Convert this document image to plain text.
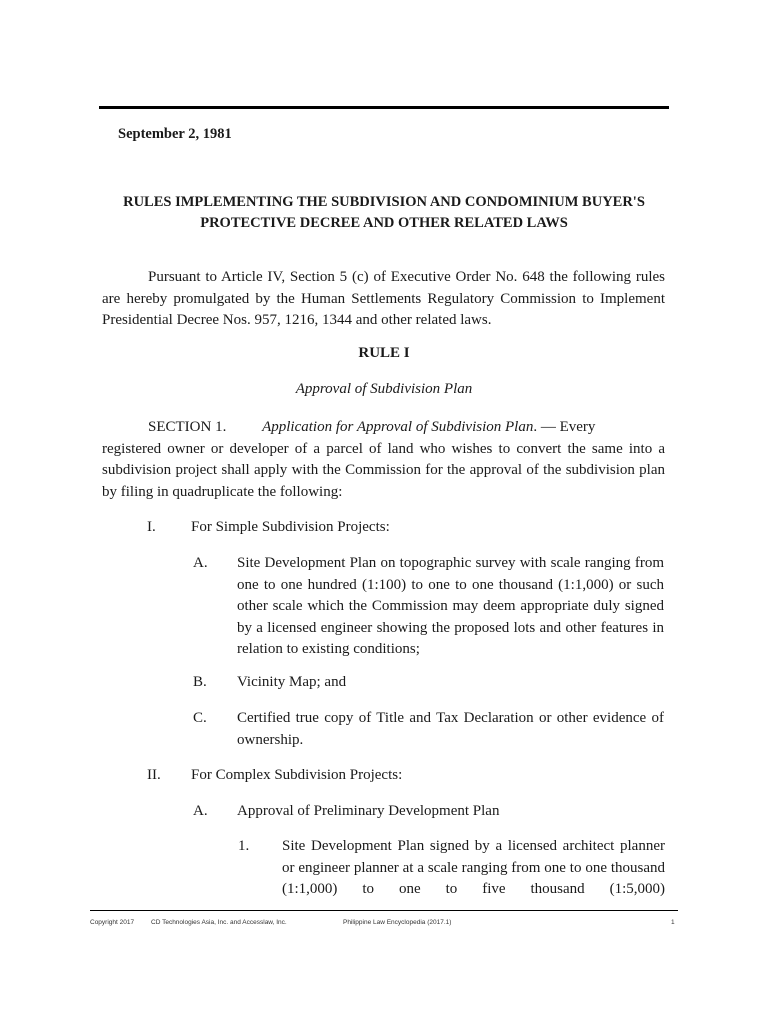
September 2, 1981
RULES IMPLEMENTING THE SUBDIVISION AND CONDOMINIUM BUYER'S
PROTECTIVE DECREE AND OTHER RELATED LAWS
Pursuant to Article IV, Section 5 (c) of Executive Order No. 648 the following rules are hereby promulgated by the Human Settlements Regulatory Commission to Implement Presidential Decree Nos. 957, 1216, 1344 and other related laws.
RULE I
Approval of Subdivision Plan
SECTION 1. Application for Approval of Subdivision Plan. — Every
registered owner or developer of a parcel of land who wishes to convert the same into a subdivision project shall apply with the Commission for the approval of the subdivision plan by filing in quadruplicate the following:
I. For Simple Subdivision Projects:
A. Site Development Plan on topographic survey with scale ranging from one to one hundred (1:100) to one to one thousand (1:1,000) or such other scale which the Commission may deem appropriate duly signed by a licensed engineer showing the proposed lots and other features in relation to existing conditions;
B. Vicinity Map; and
C. Certified true copy of Title and Tax Declaration or other evidence of ownership.
II. For Complex Subdivision Projects:
A. Approval of Preliminary Development Plan
1. Site Development Plan signed by a licensed architect planner or engineer planner at a scale ranging from one to one thousand (1:1,000) to one to five thousand (1:5,000)
Copyright 2017	CD Technologies Asia, Inc. and Accesslaw, Inc.	Philippine Law Encyclopedia (2017.1)	1
